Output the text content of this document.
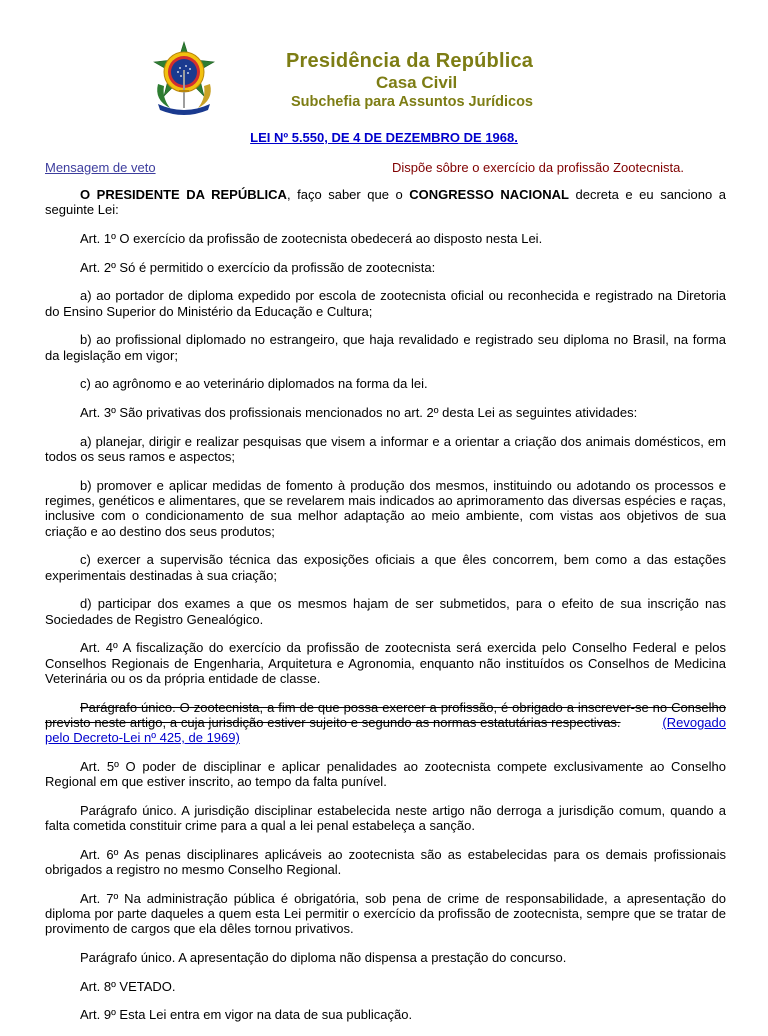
Presidência da República
Casa Civil
Subchefia para Assuntos Jurídicos
LEI Nº 5.550, DE 4 DE DEZEMBRO DE 1968.
Mensagem de veto	Dispõe sôbre o exercício da profissão Zootecnista.

O PRESIDENTE DA REPÚBLICA, faço saber que o CONGRESSO NACIONAL decreta e eu sanciono a seguinte Lei:

Art. 1º O exercício da profissão de zootecnista obedecerá ao disposto nesta Lei.

Art. 2º Só é permitido o exercício da profissão de zootecnista:

a) ao portador de diploma expedido por escola de zootecnista oficial ou reconhecida e registrado na Diretoria do Ensino Superior do Ministério da Educação e Cultura;

b) ao profissional diplomado no estrangeiro, que haja revalidado e registrado seu diploma no Brasil, na forma da legislação em vigor;

c) ao agrônomo e ao veterinário diplomados na forma da lei.

Art. 3º São privativas dos profissionais mencionados no art. 2º desta Lei as seguintes atividades:

a) planejar, dirigir e realizar pesquisas que visem a informar e a orientar a criação dos animais domésticos, em todos os seus ramos e aspectos;

b) promover e aplicar medidas de fomento à produção dos mesmos, instituindo ou adotando os processos e regimes, genéticos e alimentares, que se revelarem mais indicados ao aprimoramento das diversas espécies e raças, inclusive com o condicionamento de sua melhor adaptação ao meio ambiente, com vistas aos objetivos de sua criação e ao destino dos seus produtos;

c) exercer a supervisão técnica das exposições oficiais a que êles concorrem, bem como a das estações experimentais destinadas à sua criação;

d) participar dos exames a que os mesmos hajam de ser submetidos, para o efeito de sua inscrição nas Sociedades de Registro Genealógico.

Art. 4º A fiscalização do exercício da profissão de zootecnista será exercida pelo Conselho Federal e pelos Conselhos Regionais de Engenharia, Arquitetura e Agronomia, enquanto não instituídos os Conselhos de Medicina Veterinária ou os da própria entidade de classe.

Parágrafo único. O zootecnista, a fim de que possa exercer a profissão, é obrigado a inscrever-se no Conselho previsto neste artigo, a cuja jurisdição estiver sujeito e segundo as normas estatutárias respectivas.	(Revogado pelo Decreto-Lei nº 425, de 1969)

Art. 5º O poder de disciplinar e aplicar penalidades ao zootecnista compete exclusivamente ao Conselho Regional em que estiver inscrito, ao tempo da falta punível.

Parágrafo único. A jurisdição disciplinar estabelecida neste artigo não derroga a jurisdição comum, quando a falta cometida constituir crime para a qual a lei penal estabeleça a sanção.

Art. 6º As penas disciplinares aplicáveis ao zootecnista são as estabelecidas para os demais profissionais obrigados a registro no mesmo Conselho Regional.

Art. 7º Na administração pública é obrigatória, sob pena de crime de responsabilidade, a apresentação do diploma por parte daqueles a quem esta Lei permitir o exercício da profissão de zootecnista, sempre que se tratar de provimento de cargos que ela dêles tornou privativos.

Parágrafo único. A apresentação do diploma não dispensa a prestação do concurso.

Art. 8º VETADO.

Art. 9º Esta Lei entra em vigor na data de sua publicação.
